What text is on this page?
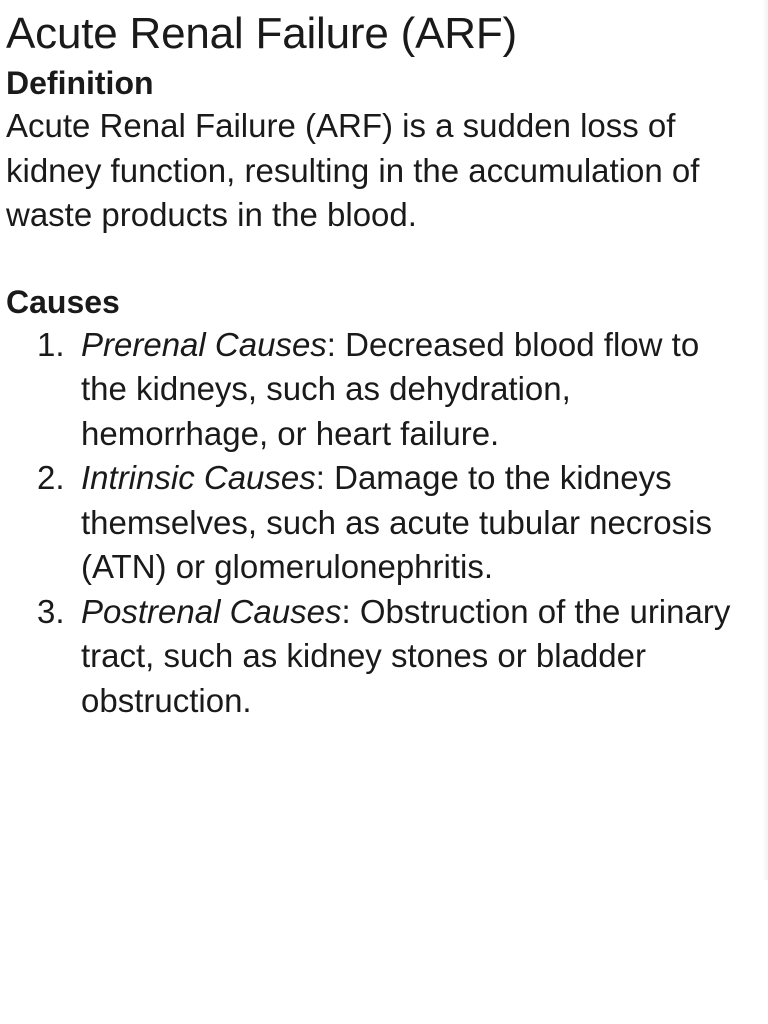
Acute Renal Failure (ARF)
Definition

Acute Renal Failure (ARF) is a sudden loss of kidney function, resulting in the accumulation of waste products in the blood.

Causes
1. Prerenal Causes: Decreased blood flow to the kidneys, such as dehydration, hemorrhage, or heart failure.
2. Intrinsic Causes: Damage to the kidneys themselves, such as acute tubular necrosis (ATN) or glomerulonephritis.
3. Postrenal Causes: Obstruction of the urinary tract, such as kidney stones or bladder obstruction.
